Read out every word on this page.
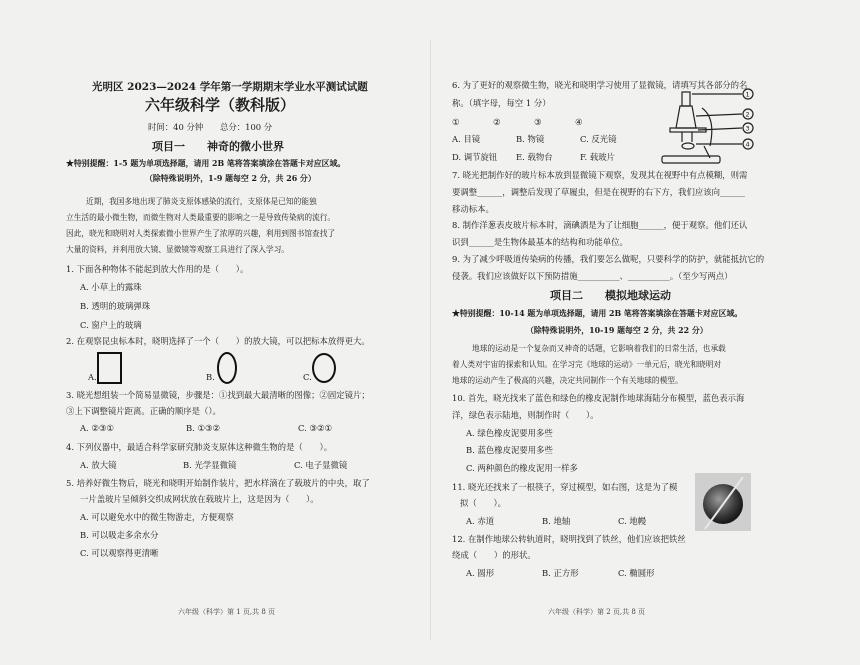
光明区 2023—2024 学年第一学期期末学业水平测试试题
六年级科学（教科版）
时间：40 分钟 总分：100 分
项目一　　神奇的微小世界
★特别提醒：1-5 题为单项选择题，请用 2B 笔将答案填涂在答题卡对应区域。
（除特殊说明外，1-9 题每空 2 分，共 26 分）
近期，我国多地出现了肺炎支原体感染的流行，支原体是已知的能独
立生活的最小微生物，而微生物对人类最重要的影响之一是导致传染病的流行。
因此，晓光和晓明对人类探索微小世界产生了浓厚的兴趣，利用到图书馆查找了
大量的资料，并利用放大镜、显微镜等观察工具进行了深入学习。
1. 下面各种物体不能起到放大作用的是（　　）。
A. 小草上的露珠
B. 透明的玻璃弹珠
C. 窗户上的玻璃
2. 在观察昆虫标本时，晓明选择了一个（　　）的放大镜，可以把标本放得更大。
A.	B.	C.
3. 晓光想组装一个简易显微镜，步骤是：①找到最大最清晰的图像；②固定镜片；
③上下调整镜片距离。正确的顺序是（）。
A. ②③①	B. ①③②	C. ③②①
4. 下列仪器中，最适合科学家研究肺炎支原体这种微生物的是（　　）。
A. 放大镜	B. 光学显微镜	C. 电子显微镜
5. 培养好微生物后，晓光和晓明开始制作装片，把水样滴在了载玻片的中央，取了
一片盖玻片呈倾斜交织成网状放在载玻片上，这是因为（　　）。
A. 可以避免水中的微生物游走，方便观察
B. 可以吸走多余水分
C. 可以观察得更清晰
六年级（科学）第 1 页,共 8 页
6. 为了更好的观察微生物，晓光和晓明学习使用了显微镜，请填写其各部分的名
称。（填字母，每空 1 分）
①　　　　②　　　　③　　　　④
A. 目镜	B. 物镜	C. 反光镜
D. 调节旋钮 E. 载物台	F. 载玻片
1
2
3
4
7. 晓光把制作好的玻片标本放到显微镜下观察，发现其在视野中有点模糊，则需
要调整______，调整后发现了草履虫，但是在视野的右下方，我们应该向______
移动标本。
8. 制作洋葱表皮玻片标本时，滴碘酒是为了让细胞______，便于观察。他们还认
识到______是生物体最基本的结构和功能单位。
9. 为了减少呼吸道传染病的传播，我们要怎么做呢，只要科学的防护，就能抵抗它的
侵袭。我们应该做好以下预防措施__________、__________。（至少写两点）
项目二　　模拟地球运动
★特别提醒：10-14 题为单项选择题，请用 2B 笔将答案填涂在答题卡对应区域。
（除特殊说明外，10-19 题每空 2 分，共 22 分）
地球的运动是一个复杂而又神奇的话题，它影响着我们的日常生活，也承载
着人类对宇宙的探索和认知。在学习完《地球的运动》一单元后，晓光和晓明对
地球的运动产生了极高的兴趣，决定共同制作一个有关地球的模型。
10. 首先，晓光找来了蓝色和绿色的橡皮泥制作地球海陆分布模型，蓝色表示海
洋，绿色表示陆地，则制作时（　　）。
A. 绿色橡皮泥要用多些
B. 蓝色橡皮泥要用多些
C. 两种颜色的橡皮泥用一样多
11. 晓光还找来了一根筷子，穿过模型，如右图，这是为了模
拟（　　）。
A. 赤道	B. 地轴	C. 地幔
12. 在制作地球公转轨道时，晓明找到了铁丝，他们应该把铁丝
绕成（　　）的形状。
A. 圆形	B. 正方形	C. 椭圆形
六年级（科学）第 2 页,共 8 页
